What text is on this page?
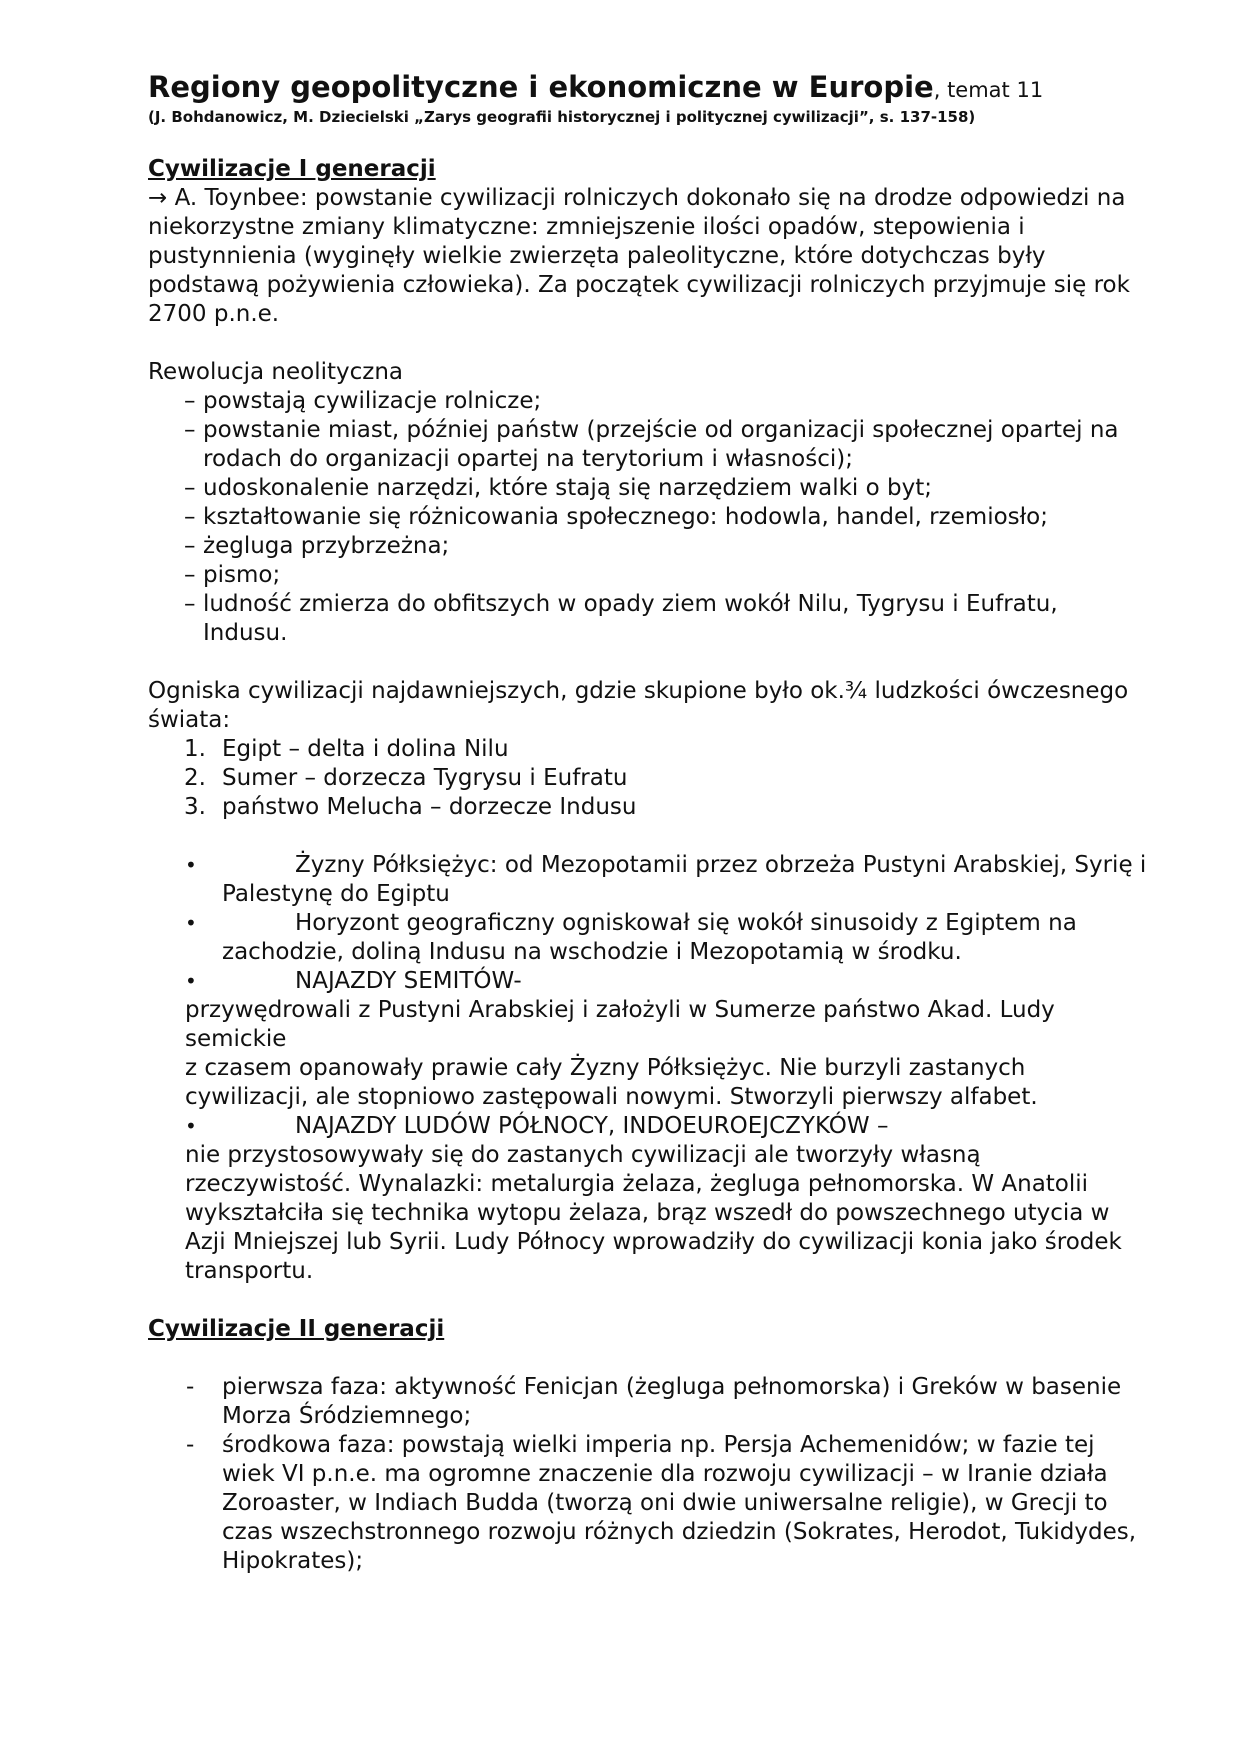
Regiony geopolityczne i ekonomiczne w Europie, temat 11
(J. Bohdanowicz, M. Dziecielski „Zarys geografii historycznej i politycznej cywilizacji”, s. 137-158)

Cywilizacje I generacji

→ A. Toynbee: powstanie cywilizacji rolniczych dokonało się na drodze odpowiedzi na niekorzystne zmiany klimatyczne: zmniejszenie ilości opadów, stepowienia i pustynnienia (wyginęły wielkie zwierzęta paleolityczne, które dotychczas były podstawą pożywienia człowieka). Za początek cywilizacji rolniczych przyjmuje się rok 2700 p.n.e.

Rewolucja neolityczna

– powstają cywilizacje rolnicze;
– powstanie miast, później państw (przejście od organizacji społecznej opartej na rodach do organizacji opartej na terytorium i własności);
– udoskonalenie narzędzi, które stają się narzędziem walki o byt;
– kształtowanie się różnicowania społecznego: hodowla, handel, rzemiosło;
– żegluga przybrzeżna;
– pismo;
– ludność zmierza do obfitszych w opady ziem wokół Nilu, Tygrysu i Eufratu, Indusu.

Ogniska cywilizacji najdawniejszych, gdzie skupione było ok.¾ ludzkości ówczesnego świata:

1. Egipt – delta i dolina Nilu
2. Sumer – dorzecza Tygrysu i Eufratu
3. państwo Melucha – dorzecze Indusu
•	Żyzny Półksiężyc: od Mezopotamii przez obrzeża Pustyni Arabskiej, Syrię i Palestynę do Egiptu
•	Horyzont geograficzny ogniskował się wokół sinusoidy z Egiptem na zachodzie, doliną Indusu na wschodzie i Mezopotamią w środku.
•	NAJAZDY SEMITÓW-

przywędrowali z Pustyni Arabskiej i założyli w Sumerze państwo Akad. Ludy semickie

z czasem opanowały prawie cały Żyzny Półksiężyc. Nie burzyli zastanych cywilizacji, ale stopniowo zastępowali nowymi. Stworzyli pierwszy alfabet.

•	NAJAZDY LUDÓW PÓŁNOCY, INDOEUROEJCZYKÓW –

nie przystosowywały się do zastanych cywilizacji ale tworzyły własną rzeczywistość. Wynalazki: metalurgia żelaza, żegluga pełnomorska. W Anatolii wykształciła się technika wytopu żelaza, brąz wszedł do powszechnego utycia w Azji Mniejszej lub Syrii. Ludy Północy wprowadziły do cywilizacji konia jako środek transportu.

Cywilizacje II generacji

- pierwsza faza: aktywność Fenicjan (żegluga pełnomorska) i Greków w basenie Morza Śródziemnego;
- środkowa faza: powstają wielki imperia np. Persja Achemenidów; w fazie tej wiek VI p.n.e. ma ogromne znaczenie dla rozwoju cywilizacji – w Iranie działa Zoroaster, w Indiach Budda (tworzą oni dwie uniwersalne religie), w Grecji to czas wszechstronnego rozwoju różnych dziedzin (Sokrates, Herodot, Tukidydes, Hipokrates);
